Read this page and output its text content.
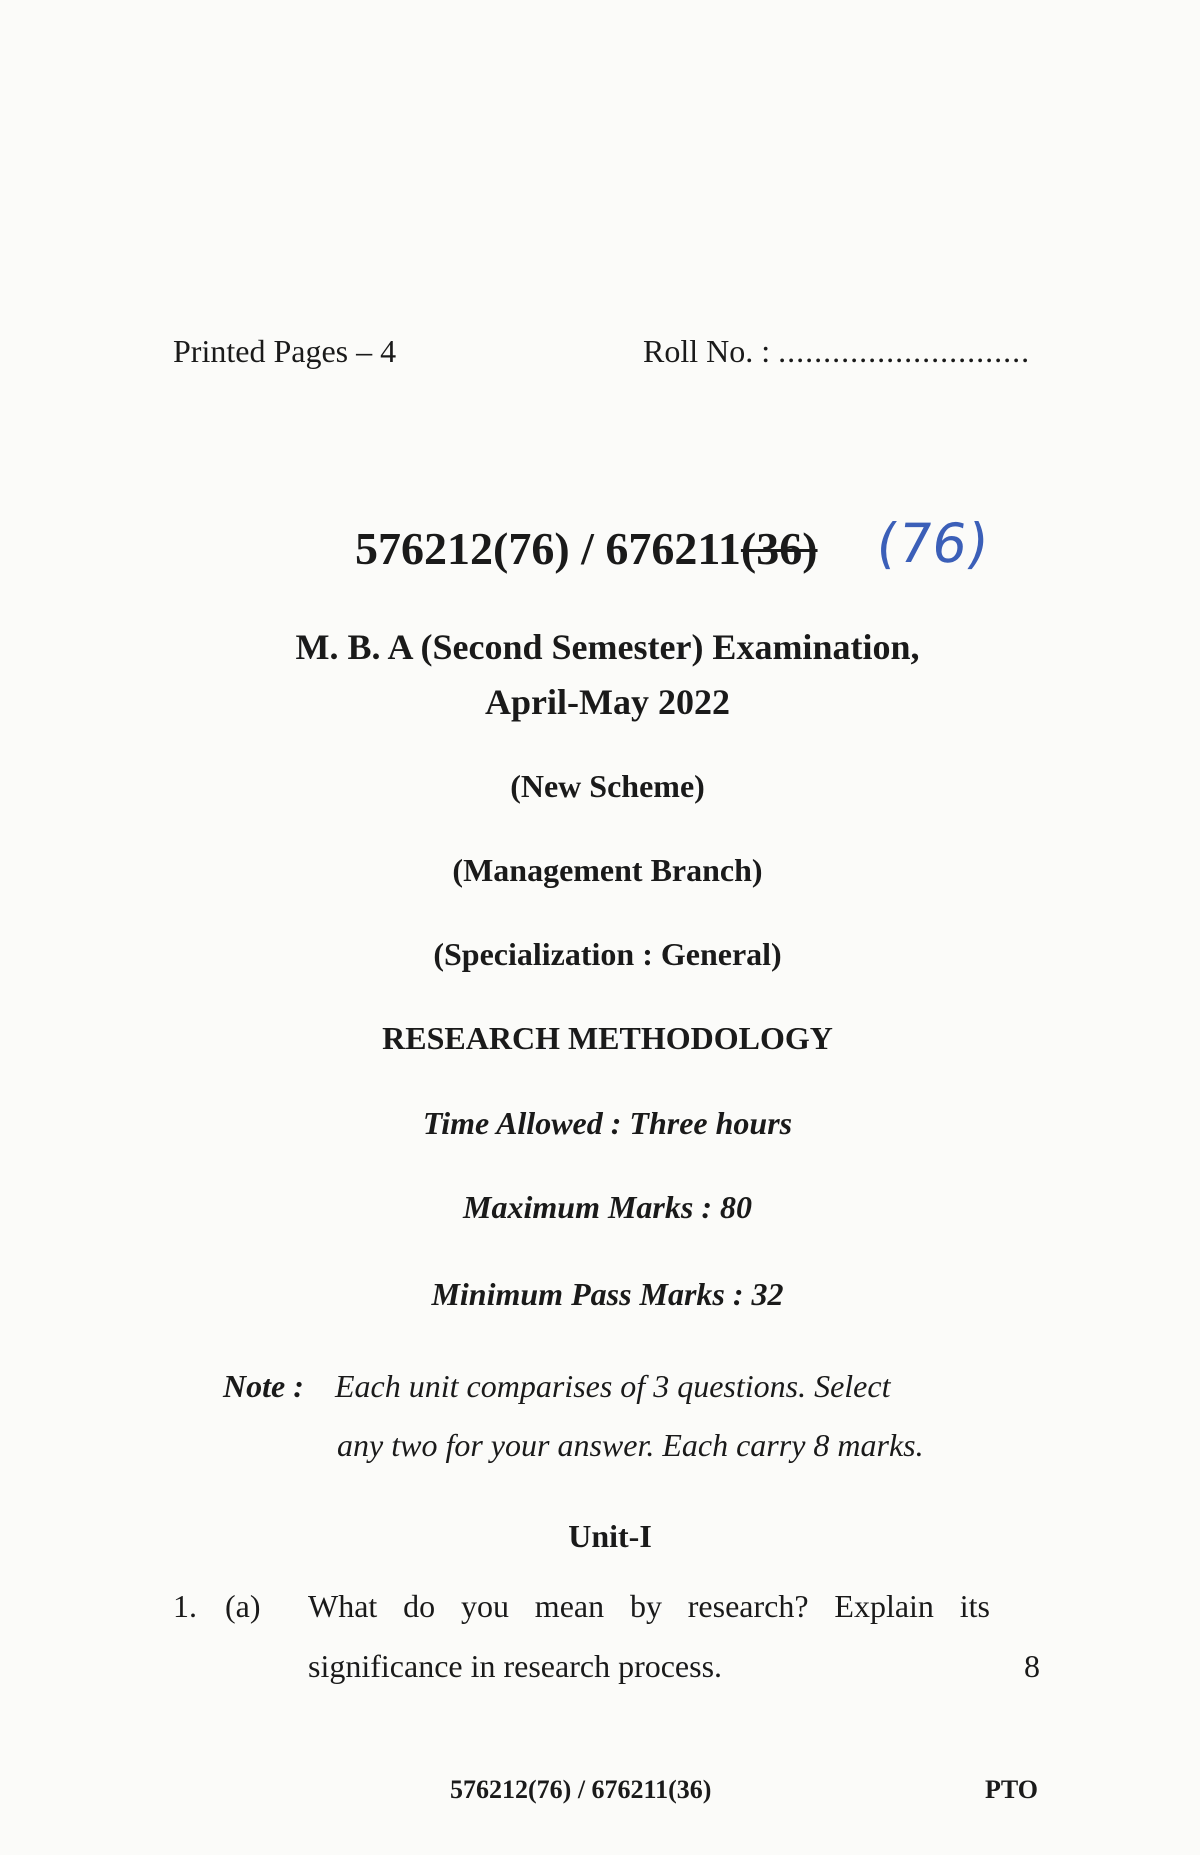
Printed Pages – 4	Roll No. : ............................
576212(76) / 676211(36) (76)
M. B. A (Second Semester) Examination,
April-May 2022
(New Scheme)
(Management Branch)
(Specialization : General)
RESEARCH METHODOLOGY
Time Allowed : Three hours
Maximum Marks : 80
Minimum Pass Marks : 32
Note : Each unit comparises of 3 questions. Select
any two for your answer. Each carry 8 marks.
Unit-I
1. (a) What do you mean by research? Explain its
significance in research process.	8
576212(76) / 676211(36)	PTO
